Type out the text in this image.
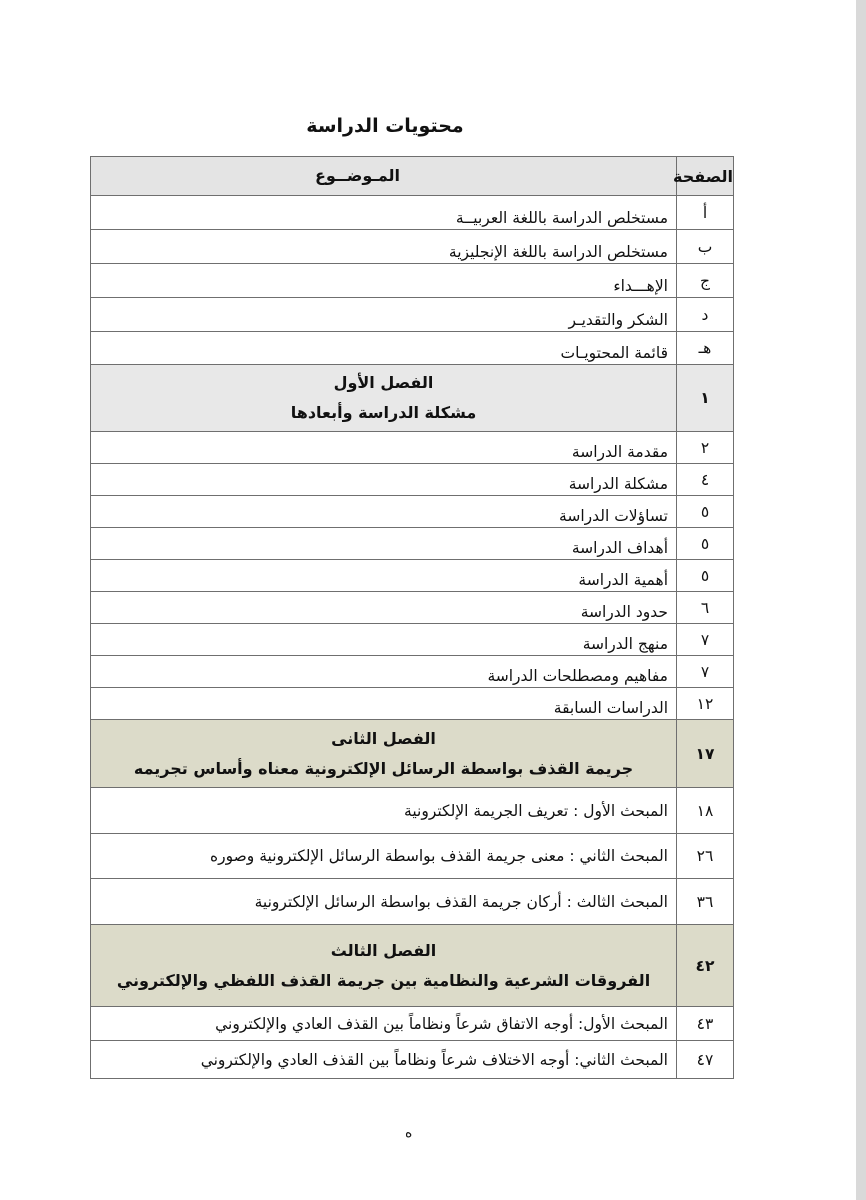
محتويات الدراسة
الصفحة	المـوضــوع
أ	مستخلص الدراسة باللغة العربيــة
ب	مستخلص الدراسة باللغة الإنجليزية
ج	الإهـــداء
د	الشكر والتقديـر
هـ	قائمة المحتويـات
١	الفصل الأول
مشكلة الدراسة وأبعادها

٢	مقدمة الدراسة
٤	مشكلة الدراسة
٥	تساؤلات الدراسة
٥	أهداف الدراسة
٥	أهمية الدراسة
٦	حدود الدراسة
٧	منهج الدراسة
٧	مفاهيم ومصطلحات الدراسة
١٢	الدراسات السابقة
١٧	الفصل الثانى
جريمة القذف بواسطة الرسائل الإلكترونية معناه وأساس تجريمه

١٨	المبحث الأول : تعريف الجريمة الإلكترونية
٢٦	المبحث الثاني : معنى جريمة القذف بواسطة الرسائل الإلكترونية وصوره
٣٦	المبحث الثالث : أركان جريمة القذف بواسطة الرسائل الإلكترونية
٤٢	الفصل الثالث
الفروقات الشرعية والنظامية بين جريمة القذف اللفظي والإلكتروني

٤٣	المبحث الأول: أوجه الاتفاق شرعاً ونظاماً بين القذف العادي والإلكتروني
٤٧	المبحث الثاني: أوجه الاختلاف شرعاً ونظاماً بين القذف العادي والإلكتروني
ه
